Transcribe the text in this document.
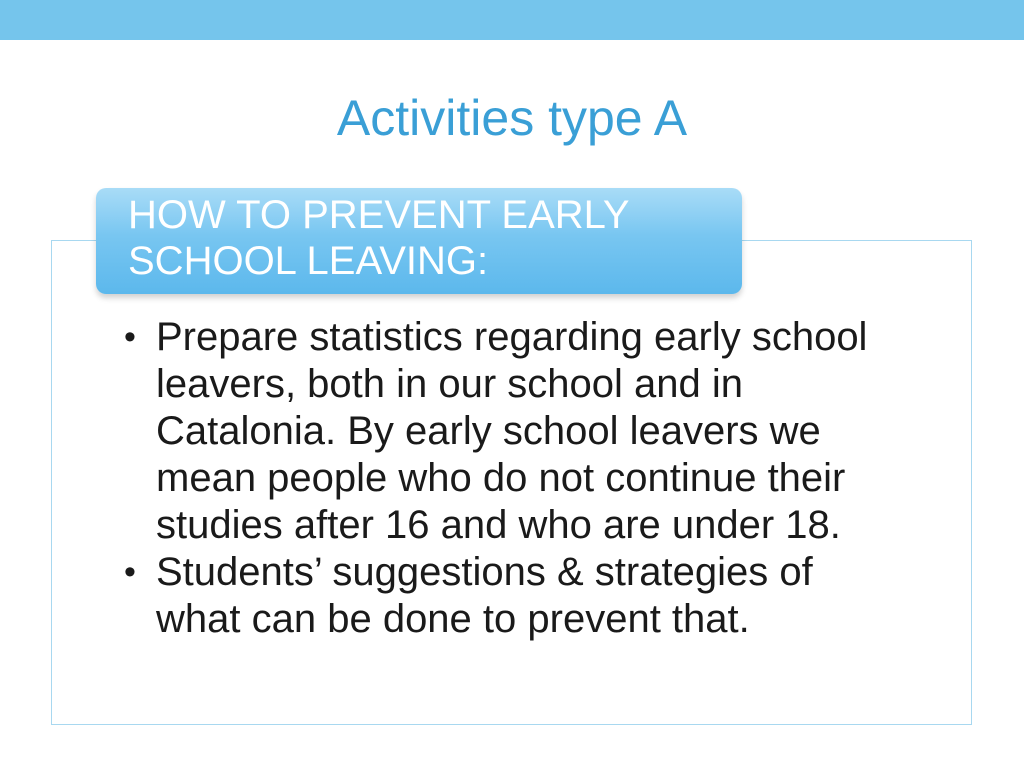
Activities type A
HOW TO PREVENT EARLY
SCHOOL LEAVING:
• Prepare statistics regarding early school leavers, both in our school and in Catalonia. By early school leavers we mean people who do not continue their studies after 16 and who are under 18.
• Students’ suggestions & strategies of what can be done to prevent that.
